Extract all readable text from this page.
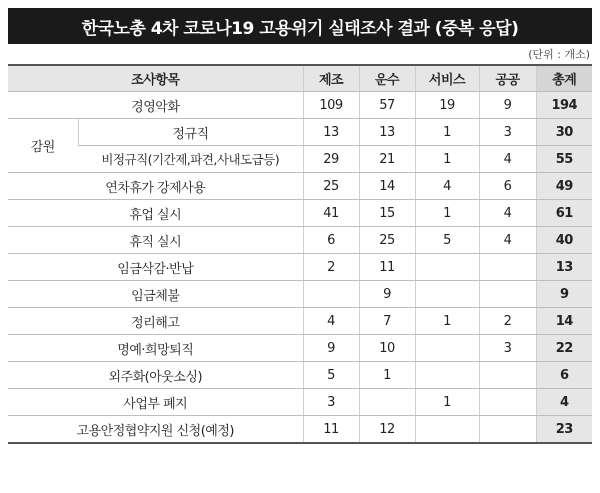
한국노총 4차 코로나19 고용위기 실태조사 결과 (중복 응답)
(단위 : 개소)
조사항목		제조	운수	서비스	공공	총계
경영악화		109	57	19	9	194
감원	정규직	13	13	1	3	30
	비정규직(기간제,파견,사내도급등)	29	21	1	4	55
연차휴가 강제사용		25	14	4	6	49
휴업 실시		41	15	1	4	61
휴직 실시		6	25	5	4	40
임금삭감·반납		2	11			13
임금체불			9			9
정리해고		4	7	1	2	14
명예·희망퇴직		9	10		3	22
외주화(아웃소싱)		5	1			6
사업부 폐지		3		1		4
고용안정협약지원 신청(예정)		11	12			23
